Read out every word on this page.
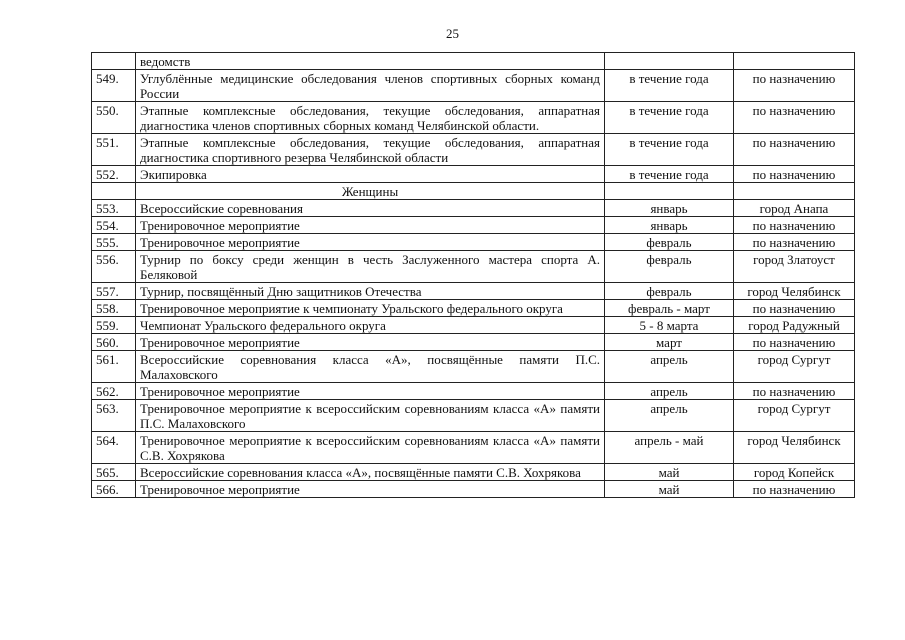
25
	ведомств		
549.	Углублённые медицинские обследования членов спортивных сборных команд России	в течение года	по назначению
550.	Этапные комплексные обследования, текущие обследования, аппаратная диагностика членов спортивных сборных команд Челябинской области.	в течение года	по назначению
551.	Этапные комплексные обследования, текущие обследования, аппаратная диагностика спортивного резерва Челябинской области	в течение года	по назначению
552.	Экипировка	в течение года	по назначению
	Женщины		
553.	Всероссийские соревнования	январь	город Анапа
554.	Тренировочное мероприятие	январь	по назначению
555.	Тренировочное мероприятие	февраль	по назначению
556.	Турнир по боксу среди женщин в честь Заслуженного мастера спорта А. Беляковой	февраль	город Златоуст
557.	Турнир, посвящённый Дню защитников Отечества	февраль	город Челябинск
558.	Тренировочное мероприятие к чемпионату Уральского федерального округа	февраль - март	по назначению
559.	Чемпионат Уральского федерального округа	5 - 8 марта	город Радужный
560.	Тренировочное мероприятие	март	по назначению
561.	Всероссийские соревнования класса «А», посвящённые памяти П.С. Малаховского	апрель	город Сургут
562.	Тренировочное мероприятие	апрель	по назначению
563.	Тренировочное мероприятие к всероссийским соревнованиям класса «А» памяти П.С. Малаховского	апрель	город Сургут
564.	Тренировочное мероприятие к всероссийским соревнованиям класса «А» памяти С.В. Хохрякова	апрель - май	город Челябинск
565.	Всероссийские соревнования класса «А», посвящённые памяти С.В. Хохрякова	май	город Копейск
566.	Тренировочное мероприятие	май	по назначению
